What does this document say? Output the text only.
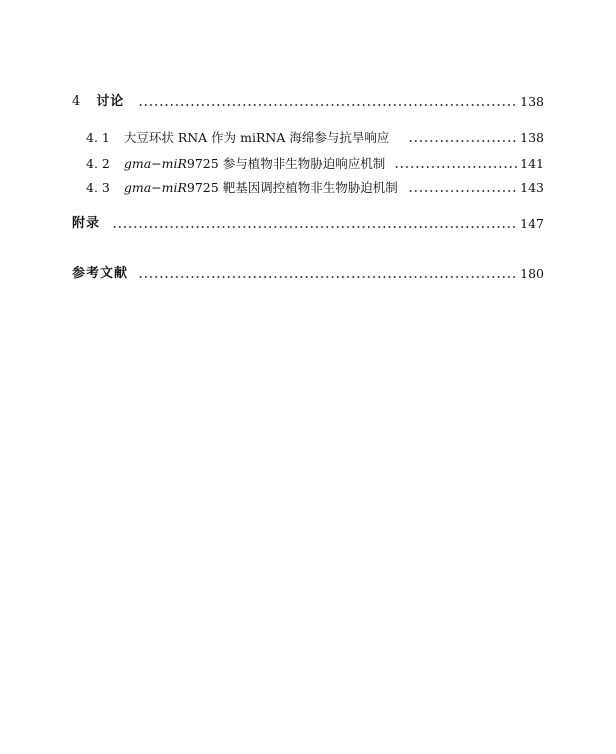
4 讨论	138
4. 1 大豆环状 RNA 作为 miRNA 海绵参与抗旱响应	138
4. 2 gma−miR 9725 参与植物非生物胁迫响应机制	141
4. 3 gma−miR 9725 靶基因调控植物非生物胁迫机制	143
附录	147
参考文献	180
